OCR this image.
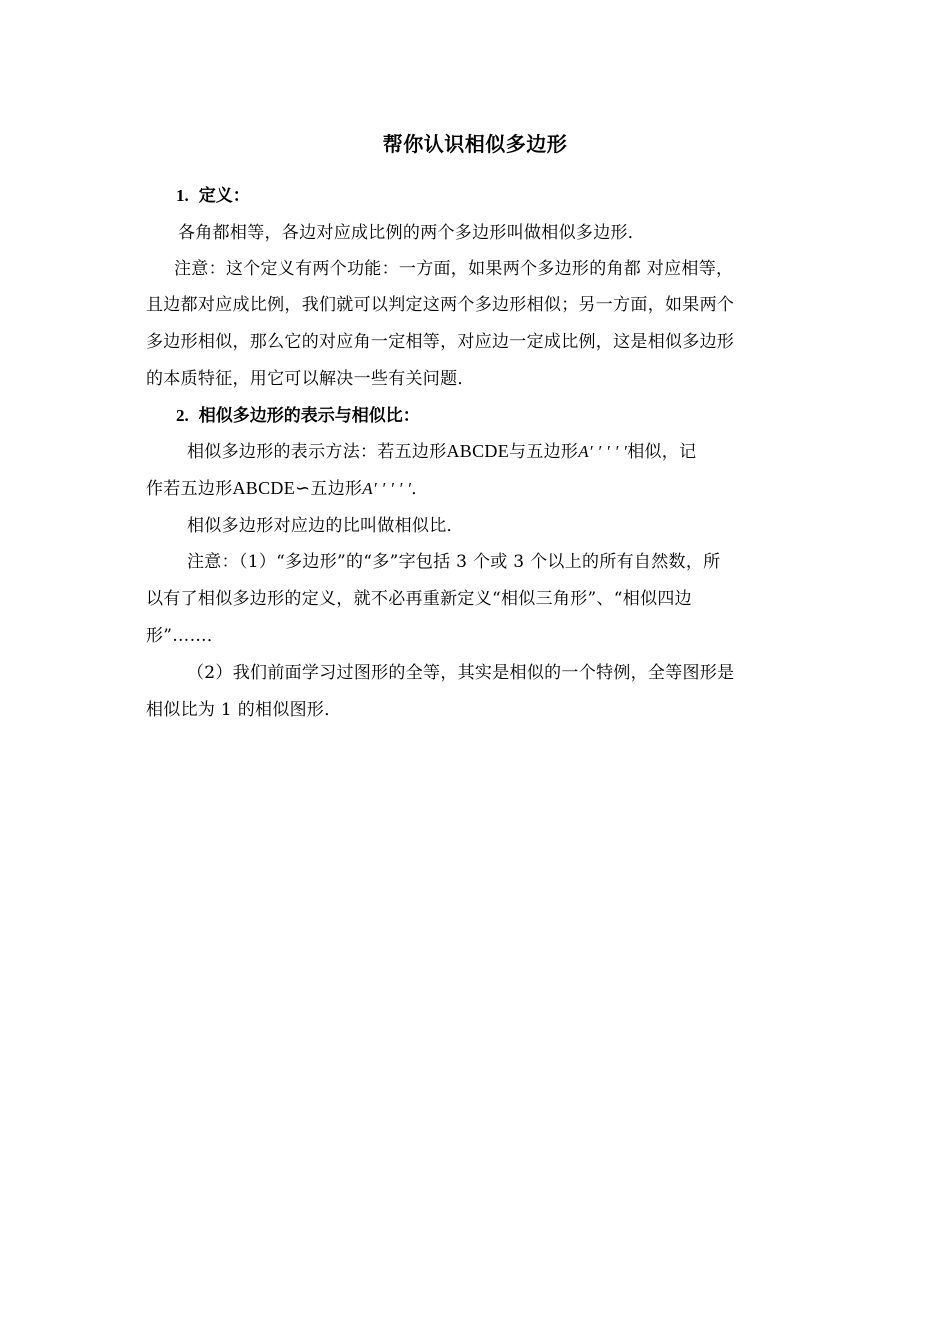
帮你认识相似多边形
1. 定义：
各角都相等，各边对应成比例的两个多边形叫做相似多边形．
注意：这个定义有两个功能：一方面，如果两个多边形的角都 对应相等，
且边都对应成比例，我们就可以判定这两个多边形相似；另一方面，如果两个
多边形相似，那么它的对应角一定相等，对应边一定成比例，这是相似多边形
的本质特征，用它可以解决一些有关问题．
2. 相似多边形的表示与相似比：
相似多边形的表示方法：若五边形ABCDE与五边形A′ ′ ′ ′ ′相似，记
作若五边形ABCDE∽五边形A′ ′ ′ ′ ′．
相似多边形对应边的比叫做相似比．
注意：（1）“多边形”的“多”字包括 3 个或 3 个以上的所有自然数，所
以有了相似多边形的定义，就不必再重新定义“相似三角形”、“相似四边
形”……．
（2）我们前面学习过图形的全等，其实是相似的一个特例，全等图形是
相似比为 1 的相似图形．
